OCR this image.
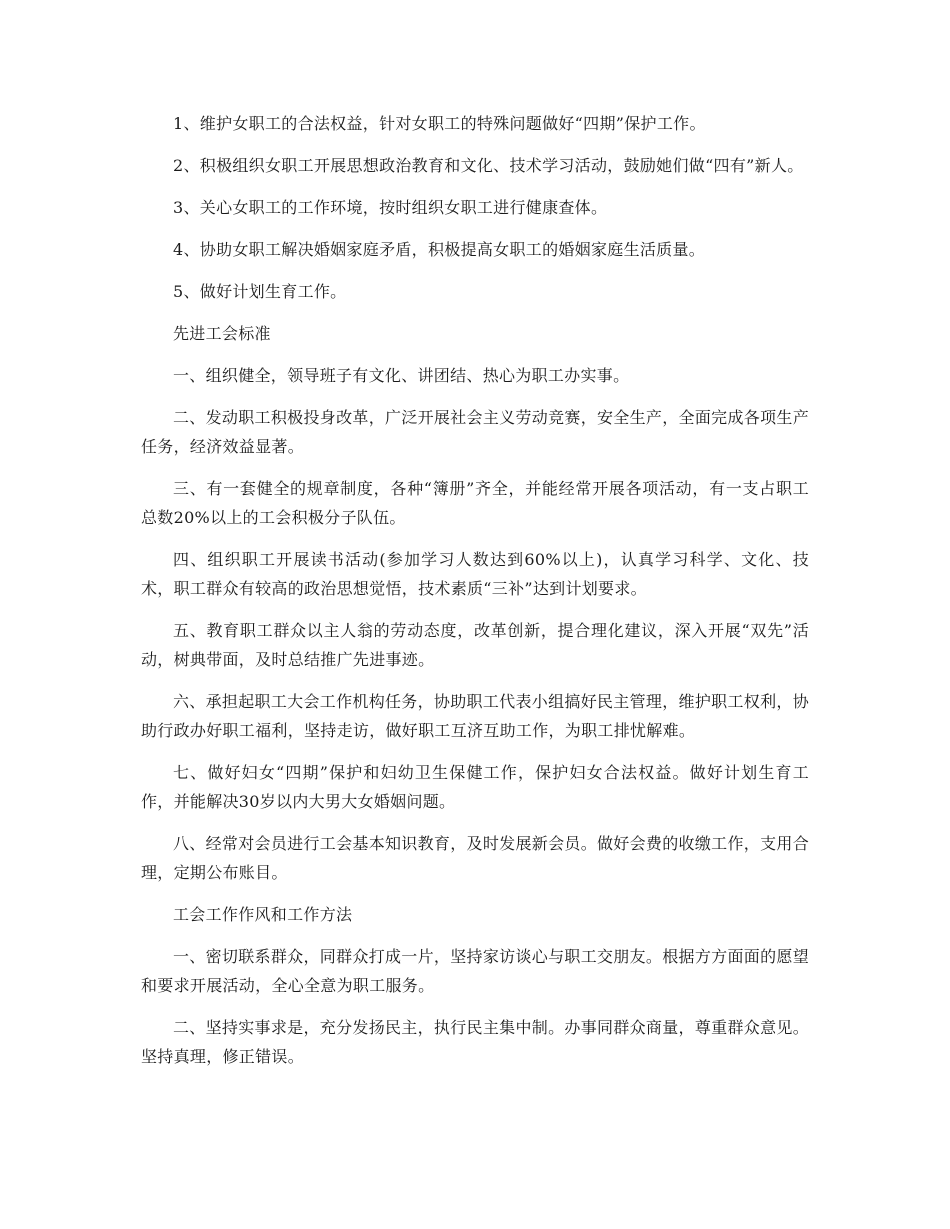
1、维护女职工的合法权益，针对女职工的特殊问题做好“四期”保护工作。

2、积极组织女职工开展思想政治教育和文化、技术学习活动，鼓励她们做“四有”新人。

3、关心女职工的工作环境，按时组织女职工进行健康查体。

4、协助女职工解决婚姻家庭矛盾，积极提高女职工的婚姻家庭生活质量。

5、做好计划生育工作。

先进工会标准

一、组织健全，领导班子有文化、讲团结、热心为职工办实事。

二、发动职工积极投身改革，广泛开展社会主义劳动竞赛，安全生产，全面完成各项生产任务，经济效益显著。

三、有一套健全的规章制度，各种“簿册”齐全，并能经常开展各项活动，有一支占职工总数20%以上的工会积极分子队伍。

四、组织职工开展读书活动(参加学习人数达到60%以上)，认真学习科学、文化、技术，职工群众有较高的政治思想觉悟，技术素质“三补”达到计划要求。

五、教育职工群众以主人翁的劳动态度，改革创新，提合理化建议，深入开展“双先”活动，树典带面，及时总结推广先进事迹。

六、承担起职工大会工作机构任务，协助职工代表小组搞好民主管理，维护职工权利，协助行政办好职工福利，坚持走访，做好职工互济互助工作，为职工排忧解难。

七、做好妇女“四期”保护和妇幼卫生保健工作，保护妇女合法权益。做好计划生育工作，并能解决30岁以内大男大女婚姻问题。

八、经常对会员进行工会基本知识教育，及时发展新会员。做好会费的收缴工作，支用合理，定期公布账目。

工会工作作风和工作方法

一、密切联系群众，同群众打成一片，坚持家访谈心与职工交朋友。根据方方面面的愿望和要求开展活动，全心全意为职工服务。

二、坚持实事求是，充分发扬民主，执行民主集中制。办事同群众商量，尊重群众意见。坚持真理，修正错误。
